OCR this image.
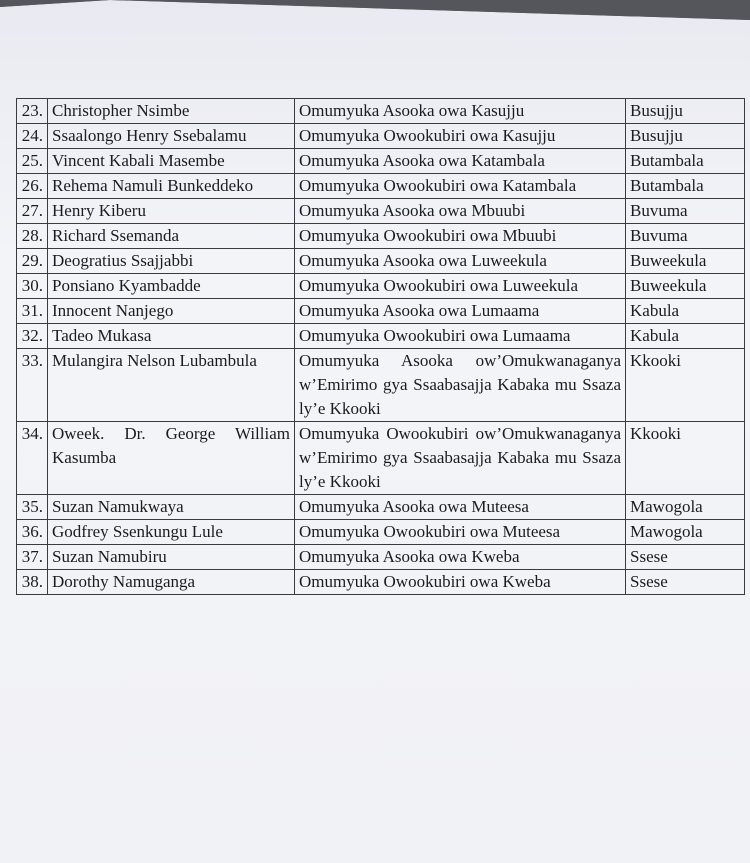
23.	Christopher Nsimbe	Omumyuka Asooka owa Kasujju	Busujju
24.	Ssaalongo Henry Ssebalamu	Omumyuka Owookubiri owa Kasujju	Busujju
25.	Vincent Kabali Masembe	Omumyuka Asooka owa Katambala	Butambala
26.	Rehema Namuli Bunkeddeko	Omumyuka Owookubiri owa Katambala	Butambala
27.	Henry Kiberu	Omumyuka Asooka owa Mbuubi	Buvuma
28.	Richard Ssemanda	Omumyuka Owookubiri owa Mbuubi	Buvuma
29.	Deogratius Ssajjabbi	Omumyuka Asooka owa Luweekula	Buweekula
30.	Ponsiano Kyambadde	Omumyuka Owookubiri owa Luweekula	Buweekula
31.	Innocent Nanjego	Omumyuka Asooka owa Lumaama	Kabula
32.	Tadeo Mukasa	Omumyuka Owookubiri owa Lumaama	Kabula
33.	Mulangira Nelson Lubambula	Omumyuka Asooka ow’Omukwanaganya w’Emirimo gya Ssaabasajja Kabaka mu Ssaza ly’e Kkooki	Kkooki
34.	Oweek. Dr. George William Kasumba	Omumyuka Owookubiri ow’Omukwanaganya w’Emirimo gya Ssaabasajja Kabaka mu Ssaza ly’e Kkooki	Kkooki
35.	Suzan Namukwaya	Omumyuka Asooka owa Muteesa	Mawogola
36.	Godfrey Ssenkungu Lule	Omumyuka Owookubiri owa Muteesa	Mawogola
37.	Suzan Namubiru	Omumyuka Asooka owa Kweba	Ssese
38.	Dorothy Namuganga	Omumyuka Owookubiri owa Kweba	Ssese
